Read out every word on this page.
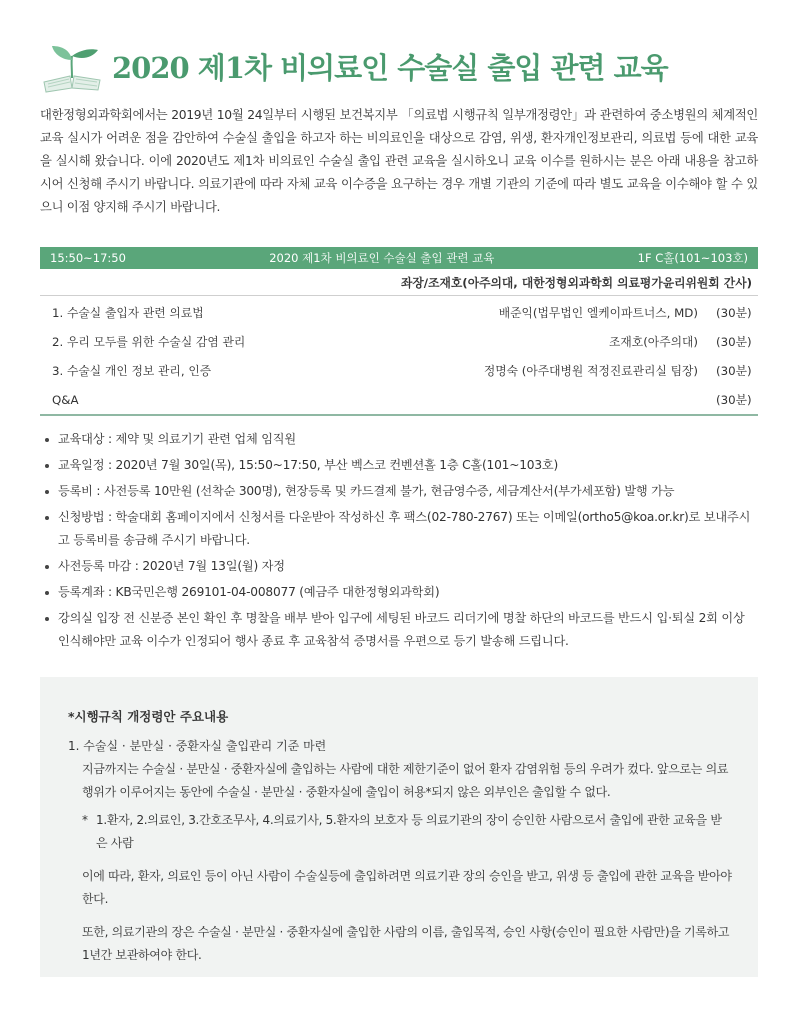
2020 제1차 비의료인 수술실 출입 관련 교육

대한정형외과학회에서는 2019년 10월 24일부터 시행된 보건복지부 「의료법 시행규칙 일부개정령안」과 관련하여 중소병원의 체계적인 교육 실시가 어려운 점을 감안하여 수술실 출입을 하고자 하는 비의료인을 대상으로 감염, 위생, 환자개인정보관리, 의료법 등에 대한 교육을 실시해 왔습니다. 이에 2020년도 제1차 비의료인 수술실 출입 관련 교육을 실시하오니 교육 이수를 원하시는 분은 아래 내용을 참고하시어 신청해 주시기 바랍니다. 의료기관에 따라 자체 교육 이수증을 요구하는 경우 개별 기관의 기준에 따라 별도 교육을 이수해야 할 수 있으니 이점 양지해 주시기 바랍니다.

15:50~17:50	2020 제1차 비의료인 수술실 출입 관련 교육	1F C홀(101~103호)
좌장/조재호(아주의대, 대한정형외과학회 의료평가윤리위원회 간사)
1. 수술실 출입자 관련 의료법	배준익(법무법인 엘케이파트너스, MD) (30분)
2. 우리 모두를 위한 수술실 감염 관리	조재호(아주의대) (30분)
3. 수술실 개인 정보 관리, 인증	정명숙 (아주대병원 적정진료관리실 팀장) (30분)
Q&A	(30분)
교육대상 : 제약 및 의료기기 관련 업체 임직원
교육일정 : 2020년 7월 30일(목), 15:50~17:50, 부산 벡스코 컨벤션홀 1층 C홀(101~103호)
등록비 : 사전등록 10만원 (선착순 300명), 현장등록 및 카드결제 불가, 현금영수증, 세금계산서(부가세포함) 발행 가능
신청방법 : 학술대회 홈페이지에서 신청서를 다운받아 작성하신 후 팩스(02-780-2767) 또는 이메일(ortho5@koa.or.kr)로 보내주시고 등록비를 송금해 주시기 바랍니다.
사전등록 마감 : 2020년 7월 13일(월) 자정
등록계좌 : KB국민은행 269101-04-008077 (예금주 대한정형외과학회)
강의실 입장 전 신분증 본인 확인 후 명찰을 배부 받아 입구에 세팅된 바코드 리더기에 명찰 하단의 바코드를 반드시 입·퇴실 2회 이상 인식해야만 교육 이수가 인정되어 행사 종료 후 교육참석 증명서를 우편으로 등기 발송해 드립니다.
*시행규칙 개정령안 주요내용
1. 수술실 · 분만실 · 중환자실 출입관리 기준 마련
지금까지는 수술실 · 분만실 · 중환자실에 출입하는 사람에 대한 제한기준이 없어 환자 감염위험 등의 우려가 컸다. 앞으로는 의료행위가 이루어지는 동안에 수술실 · 분만실 · 중환자실에 출입이 허용*되지 않은 외부인은 출입할 수 없다.
* 1.환자, 2.의료인, 3.간호조무사, 4.의료기사, 5.환자의 보호자 등 의료기관의 장이 승인한 사람으로서 출입에 관한 교육을 받은 사람
이에 따라, 환자, 의료인 등이 아닌 사람이 수술실등에 출입하려면 의료기관 장의 승인을 받고, 위생 등 출입에 관한 교육을 받아야 한다.
또한, 의료기관의 장은 수술실 · 분만실 · 중환자실에 출입한 사람의 이름, 출입목적, 승인 사항(승인이 필요한 사람만)을 기록하고 1년간 보관하여야 한다.
